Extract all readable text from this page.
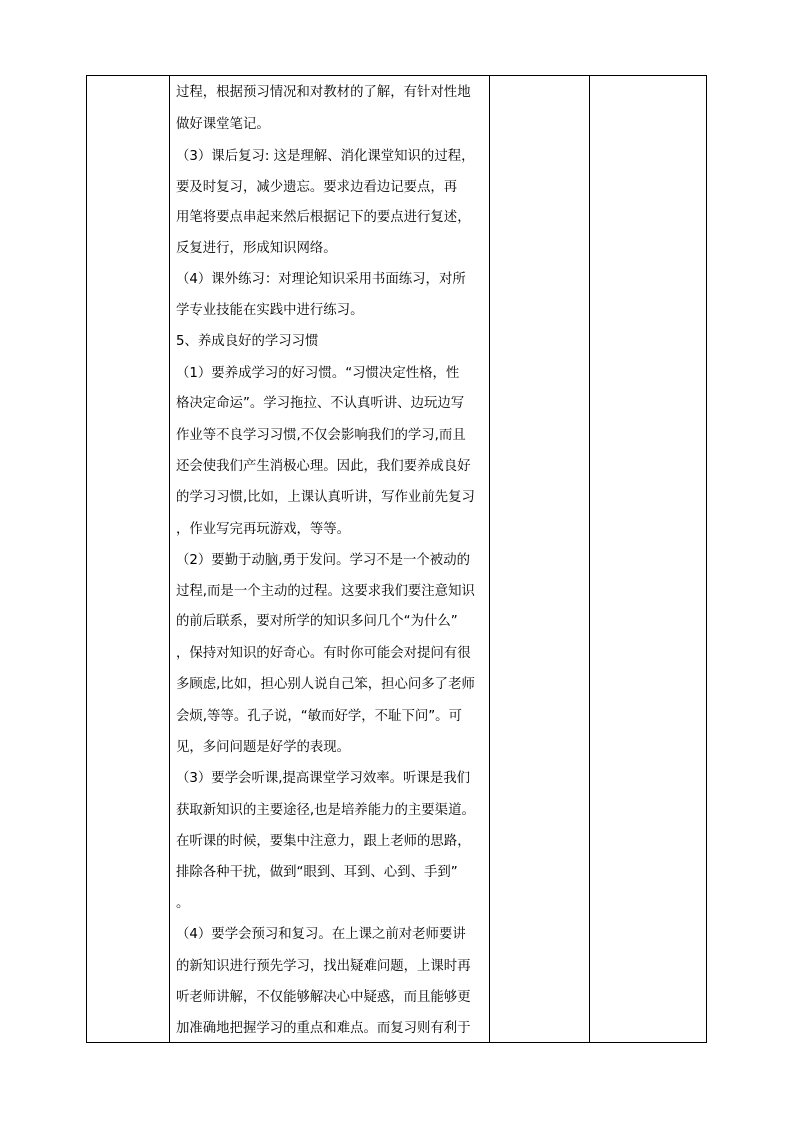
过程，根据预习情况和对教材的了解，有针对性地
做好课堂笔记。
（3）课后复习: 这是理解、消化课堂知识的过程，
要及时复习，减少遗忘。要求边看边记要点，再
用笔将要点串起来然后根据记下的要点进行复述，
反复进行，形成知识网络。
（4）课外练习：对理论知识采用书面练习，对所
学专业技能在实践中进行练习。
5、养成良好的学习习惯
（1）要养成学习的好习惯。“习惯决定性格，性
格决定命运”。学习拖拉、不认真听讲、边玩边写
作业等不良学习习惯,不仅会影响我们的学习,而且
还会使我们产生消极心理。因此，我们要养成良好
的学习习惯,比如，上课认真听讲，写作业前先复习
，作业写完再玩游戏，等等。
（2）要勤于动脑,勇于发问。学习不是一个被动的
过程,而是一个主动的过程。这要求我们要注意知识
的前后联系，要对所学的知识多问几个“为什么”
，保持对知识的好奇心。有时你可能会对提问有很
多顾虑,比如，担心别人说自己笨，担心问多了老师
会烦,等等。孔子说，“敏而好学，不耻下问”。可
见，多问问题是好学的表现。
（3）要学会听课,提高课堂学习效率。听课是我们
获取新知识的主要途径,也是培养能力的主要渠道。
在听课的时候，要集中注意力，跟上老师的思路，
排除各种干扰，做到“眼到、耳到、心到、手到”
。
（4）要学会预习和复习。在上课之前对老师要讲
的新知识进行预先学习，找出疑难问题，上课时再
听老师讲解，不仅能够解决心中疑惑，而且能够更
加准确地把握学习的重点和难点。而复习则有利于
